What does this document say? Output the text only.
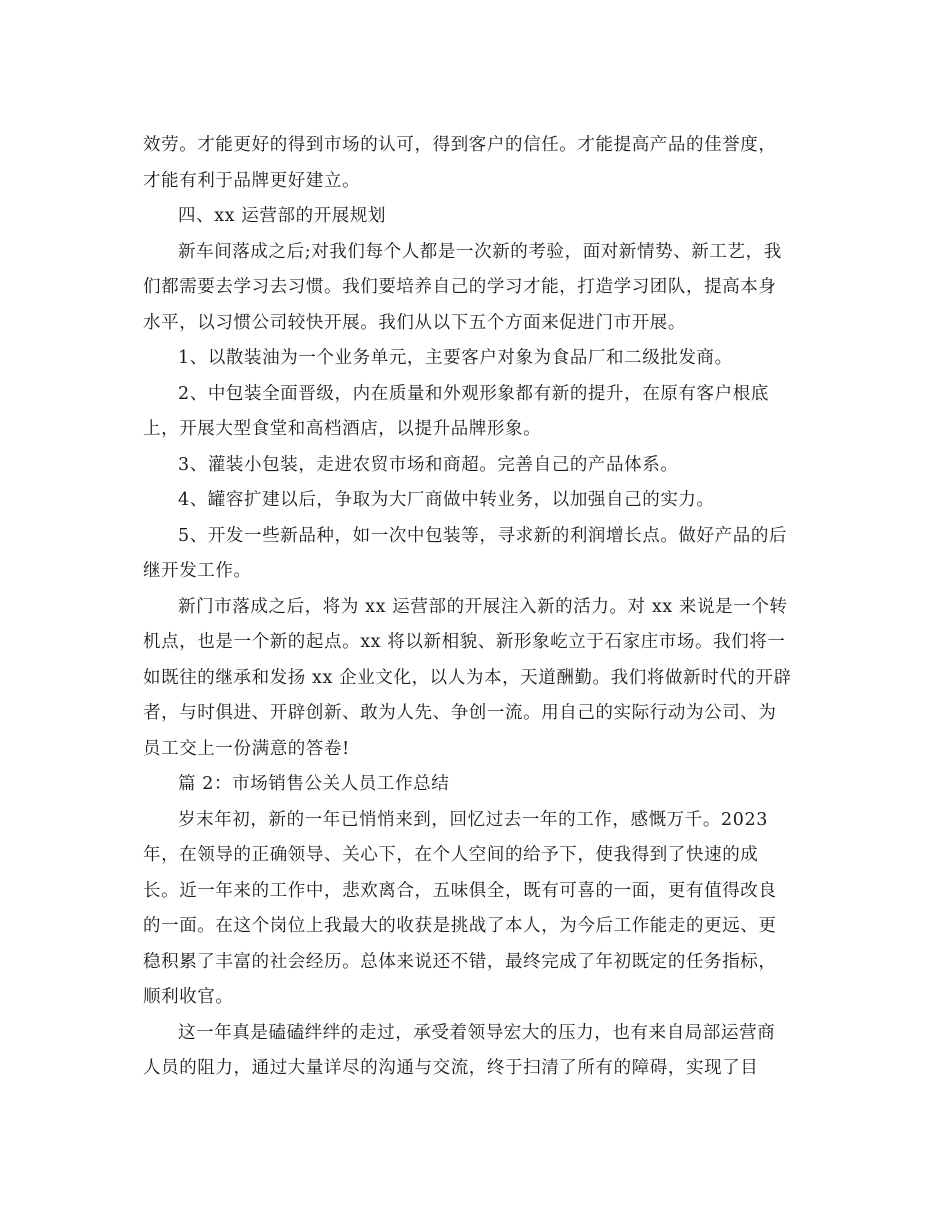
效劳。才能更好的得到市场的认可，得到客户的信任。才能提高产品的佳誉度，
才能有利于品牌更好建立。
四、xx 运营部的开展规划
新车间落成之后;对我们每个人都是一次新的考验，面对新情势、新工艺，我
们都需要去学习去习惯。我们要培养自己的学习才能，打造学习团队，提高本身
水平，以习惯公司较快开展。我们从以下五个方面来促进门市开展。
1、以散装油为一个业务单元，主要客户对象为食品厂和二级批发商。
2、中包装全面晋级，内在质量和外观形象都有新的提升，在原有客户根底
上，开展大型食堂和高档酒店，以提升品牌形象。
3、灌装小包装，走进农贸市场和商超。完善自己的产品体系。
4、罐容扩建以后，争取为大厂商做中转业务，以加强自己的实力。
5、开发一些新品种，如一次中包装等，寻求新的利润增长点。做好产品的后
继开发工作。
新门市落成之后，将为 xx 运营部的开展注入新的活力。对 xx 来说是一个转
机点，也是一个新的起点。xx 将以新相貌、新形象屹立于石家庄市场。我们将一
如既往的继承和发扬 xx 企业文化，以人为本，天道酬勤。我们将做新时代的开辟
者，与时俱进、开辟创新、敢为人先、争创一流。用自己的实际行动为公司、为
员工交上一份满意的答卷!
篇 2：市场销售公关人员工作总结
岁末年初，新的一年已悄悄来到，回忆过去一年的工作，感慨万千。2023
年，在领导的正确领导、关心下，在个人空间的给予下，使我得到了快速的成
长。近一年来的工作中，悲欢离合，五味俱全，既有可喜的一面，更有值得改良
的一面。在这个岗位上我最大的收获是挑战了本人，为今后工作能走的更远、更
稳积累了丰富的社会经历。总体来说还不错，最终完成了年初既定的任务指标，
顺利收官。
这一年真是磕磕绊绊的走过，承受着领导宏大的压力，也有来自局部运营商
人员的阻力，通过大量详尽的沟通与交流，终于扫清了所有的障碍，实现了目
